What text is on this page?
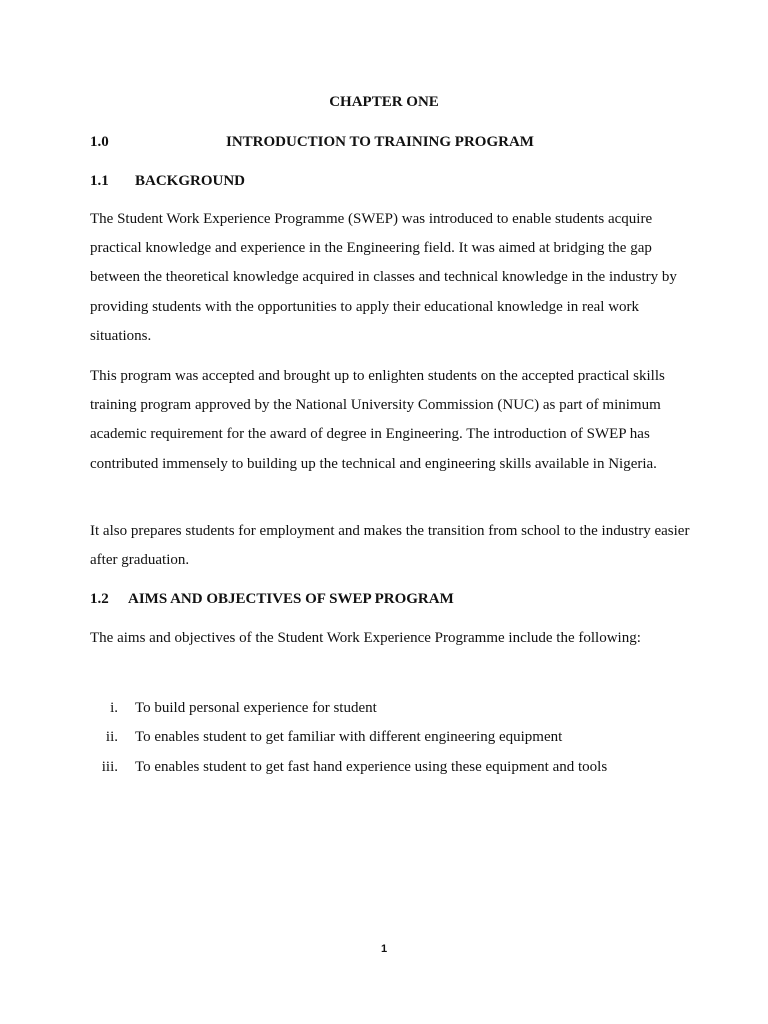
CHAPTER ONE
1.0	INTRODUCTION TO TRAINING PROGRAM
1.1 BACKGROUND

The Student Work Experience Programme (SWEP) was introduced to enable students acquire practical knowledge and experience in the Engineering field. It was aimed at bridging the gap between the theoretical knowledge acquired in classes and technical knowledge in the industry by providing students with the opportunities to apply their educational knowledge in real work situations.

This program was accepted and brought up to enlighten students on the accepted practical skills training program approved by the National University Commission (NUC) as part of minimum academic requirement for the award of degree in Engineering. The introduction of SWEP has contributed immensely to building up the technical and engineering skills available in Nigeria.

It also prepares students for employment and makes the transition from school to the industry easier after graduation.

1.2 AIMS AND OBJECTIVES OF SWEP PROGRAM

The aims and objectives of the Student Work Experience Programme include the following:

i. To build personal experience for student
ii. To enables student to get familiar with different engineering equipment
iii. To enables student to get fast hand experience using these equipment and tools
1
